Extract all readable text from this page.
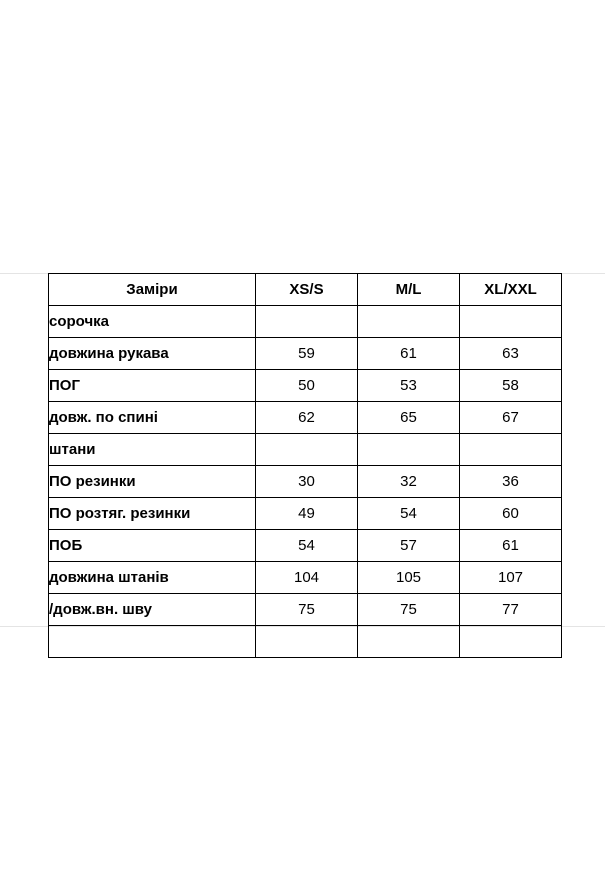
Заміри	XS/S	M/L	XL/XXL
сорочка			
довжина рукава	59	61	63
ПОГ	50	53	58
довж. по спині	62	65	67
штани			
ПО резинки	30	32	36
ПО розтяг. резинки	49	54	60
ПОБ	54	57	61
довжина штанів	104	105	107
/довж.вн. шву	75	75	77
